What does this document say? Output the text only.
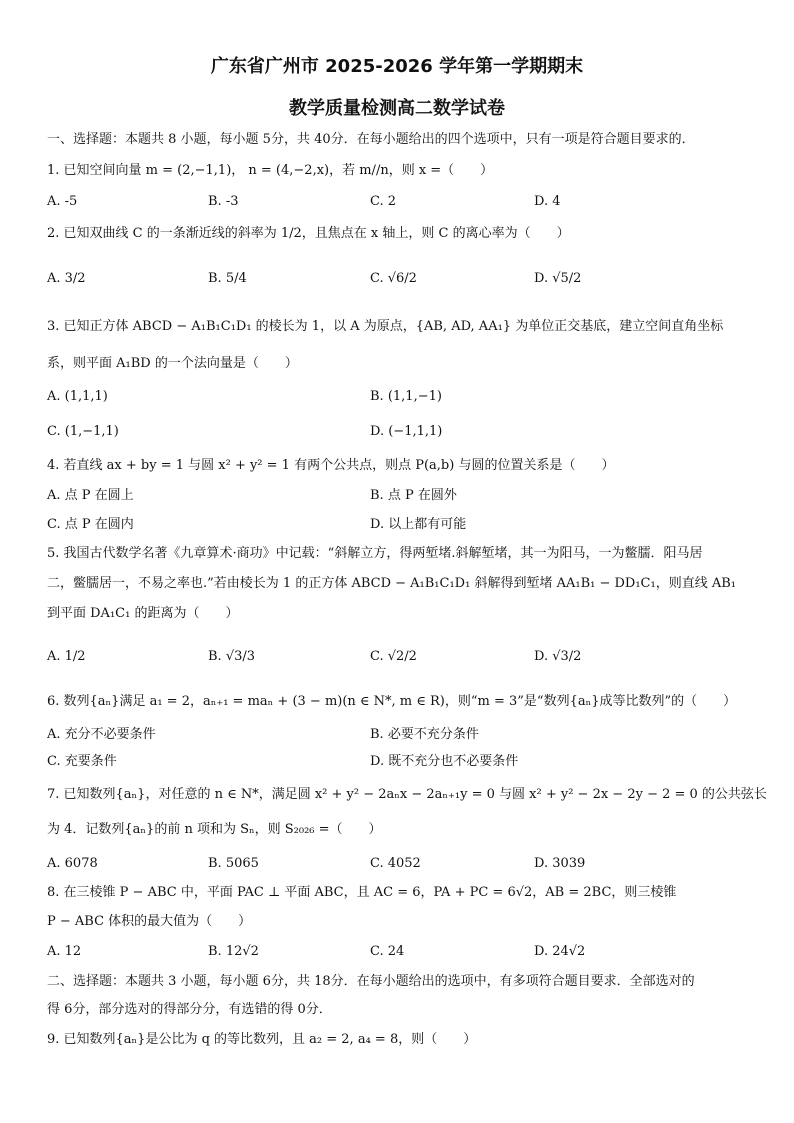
广东省广州市 2025-2026 学年第一学期期末
教学质量检测高二数学试卷
一、选择题：本题共 8 小题，每小题 5分，共 40分．在每小题给出的四个选项中，只有一项是符合题目要求的．
1. 已知空间向量 m = (2,−1,1)， n = (4,−2,x)，若 m//n，则 x =（　　）
A. -5	B. -3	C. 2	D. 4
2. 已知双曲线 C 的一条渐近线的斜率为 1/2，且焦点在 x 轴上，则 C 的离心率为（　　）
A. 3/2	B. 5/4	C. √6/2	D. √5/2
3. 已知正方体 ABCD − A₁B₁C₁D₁ 的棱长为 1，以 A 为原点，{AB, AD, AA₁} 为单位正交基底，建立空间直角坐标
系，则平面 A₁BD 的一个法向量是（　　）
A. (1,1,1)	B. (1,1,−1)
C. (1,−1,1)	D. (−1,1,1)
4. 若直线 ax + by = 1 与圆 x² + y² = 1 有两个公共点，则点 P(a,b) 与圆的位置关系是（　　）
A. 点 P 在圆上	B. 点 P 在圆外
C. 点 P 在圆内	D. 以上都有可能
5. 我国古代数学名著《九章算术·商功》中记载：“斜解立方，得两堑堵.斜解堑堵，其一为阳马，一为鳖臑．阳马居
二，鳖臑居一，不易之率也.”若由棱长为 1 的正方体 ABCD − A₁B₁C₁D₁ 斜解得到堑堵 AA₁B₁ − DD₁C₁，则直线 AB₁
到平面 DA₁C₁ 的距离为（　　）
A. 1/2	B. √3/3	C. √2/2	D. √3/2
6. 数列{aₙ}满足 a₁ = 2，aₙ₊₁ = maₙ + (3 − m)(n ∈ N*, m ∈ R)，则“m = 3”是“数列{aₙ}成等比数列”的（　　）
A. 充分不必要条件	B. 必要不充分条件
C. 充要条件	D. 既不充分也不必要条件
7. 已知数列{aₙ}，对任意的 n ∈ N*，满足圆 x² + y² − 2aₙx − 2aₙ₊₁y = 0 与圆 x² + y² − 2x − 2y − 2 = 0 的公共弦长
为 4．记数列{aₙ}的前 n 项和为 Sₙ，则 S₂₀₂₆ =（　　）
A. 6078	B. 5065	C. 4052	D. 3039
8. 在三棱锥 P − ABC 中，平面 PAC ⊥ 平面 ABC，且 AC = 6，PA + PC = 6√2，AB = 2BC，则三棱锥
P − ABC 体积的最大值为（　　）
A. 12	B. 12√2	C. 24	D. 24√2
二、选择题：本题共 3 小题，每小题 6分，共 18分．在每小题给出的选项中，有多项符合题目要求．全部选对的
得 6分，部分选对的得部分分，有选错的得 0分．
9. 已知数列{aₙ}是公比为 q 的等比数列，且 a₂ = 2, a₄ = 8，则（　　）
